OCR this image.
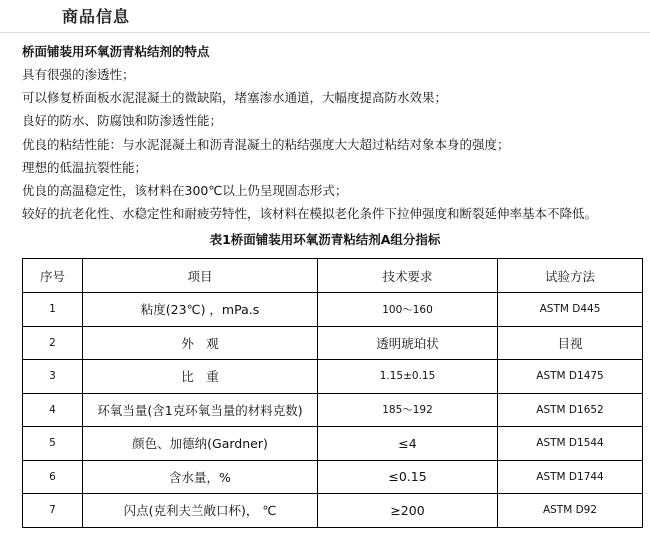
商品信息
桥面铺装用环氧沥青粘结剂的特点
具有很强的渗透性；
可以修复桥面板水泥混凝土的微缺陷，堵塞渗水通道，大幅度提高防水效果；
良好的防水、防腐蚀和防渗透性能；
优良的粘结性能：与水泥混凝土和沥青混凝土的粘结强度大大超过粘结对象本身的强度；
理想的低温抗裂性能；
优良的高温稳定性，该材料在300℃以上仍呈现固态形式；
较好的抗老化性、水稳定性和耐疲劳特性，该材料在模拟老化条件下拉伸强度和断裂延伸率基本不降低。
表1桥面铺装用环氧沥青粘结剂A组分指标
序号	项目	技术要求	试验方法
1	粘度(23℃) ，mPa.s	100～160	ASTM D445
2	外　观	透明琥珀状	目视
3	比　重	1.15±0.15	ASTM D1475
4	环氧当量(含1克环氧当量的材料克数)	185～192	ASTM D1652
5	颜色、加德纳(Gardner)	≤4	ASTM D1544
6	含水量，%	≤0.15	ASTM D1744
7	闪点(克利夫兰敞口杯)， ℃	≥200	ASTM D92
